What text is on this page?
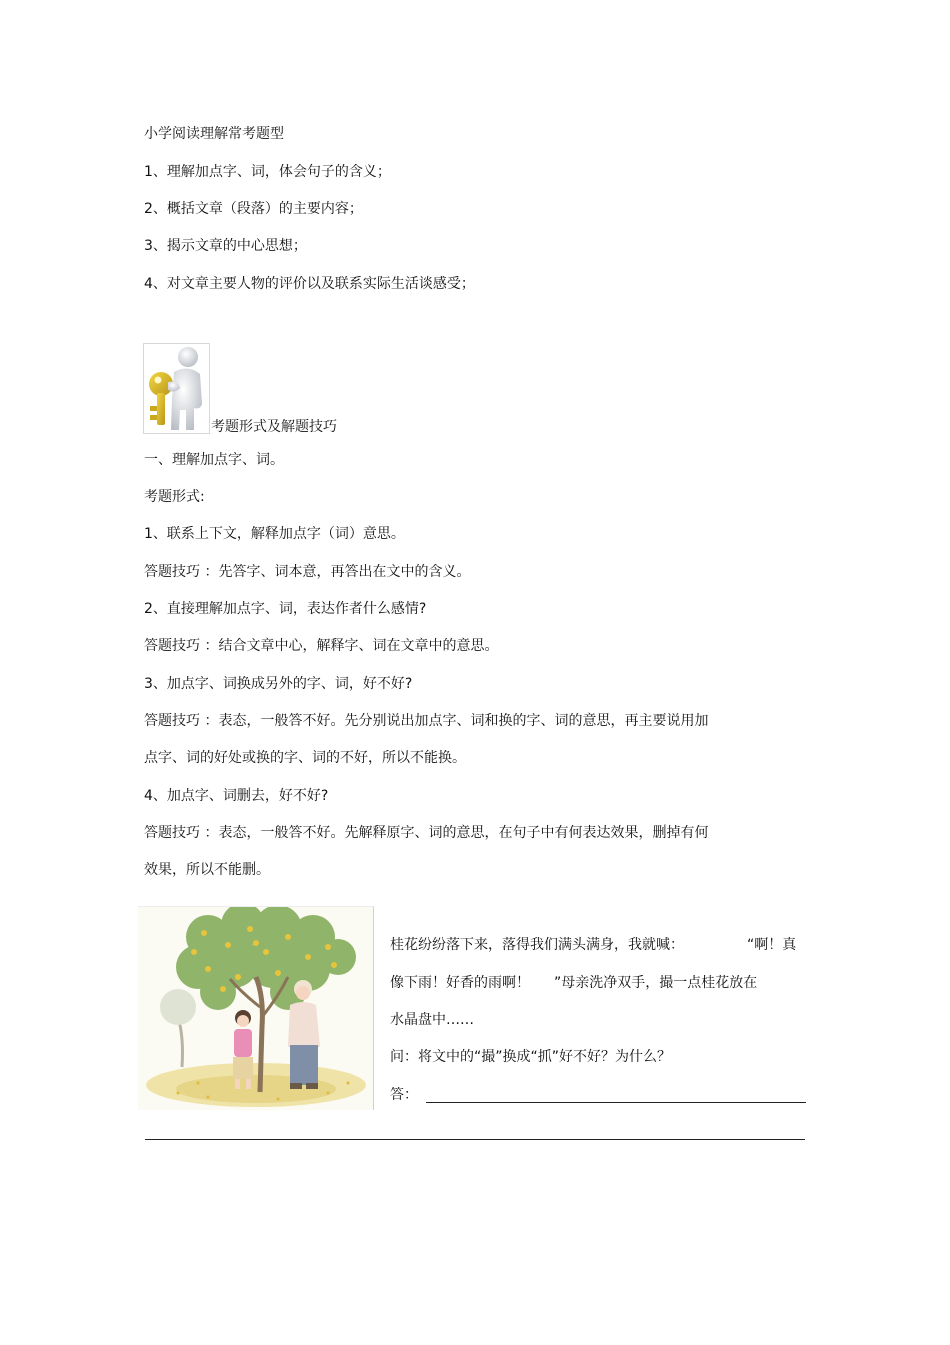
小学阅读理解常考题型
1、理解加点字、词，体会句子的含义；
2、概括文章（段落）的主要内容；
3、揭示文章的中心思想；
4、对文章主要人物的评价以及联系实际生活谈感受；
考题形式及解题技巧
一、理解加点字、词。
考题形式:
1、联系上下文，解释加点字（词）意思。
答题技巧 ：先答字、词本意，再答出在文中的含义。
2、直接理解加点字、词，表达作者什么感情?
答题技巧 ：结合文章中心，解释字、词在文章中的意思。
3、加点字、词换成另外的字、词，好不好?
答题技巧 ：表态，一般答不好。先分别说出加点字、词和换的字、词的意思，再主要说用加
点字、词的好处或换的字、词的不好，所以不能换。
4、加点字、词删去，好不好?
答题技巧 ：表态，一般答不好。先解释原字、词的意思，在句子中有何表达效果，删掉有何
效果，所以不能删。
桂花纷纷落下来，落得我们满头满身，我就喊：	“啊！真
像下雨！好香的雨啊！ ”母亲洗净双手，撮一点桂花放在
水晶盘中……
问：将文中的“撮”换成“抓”好不好？为什么？
答：
